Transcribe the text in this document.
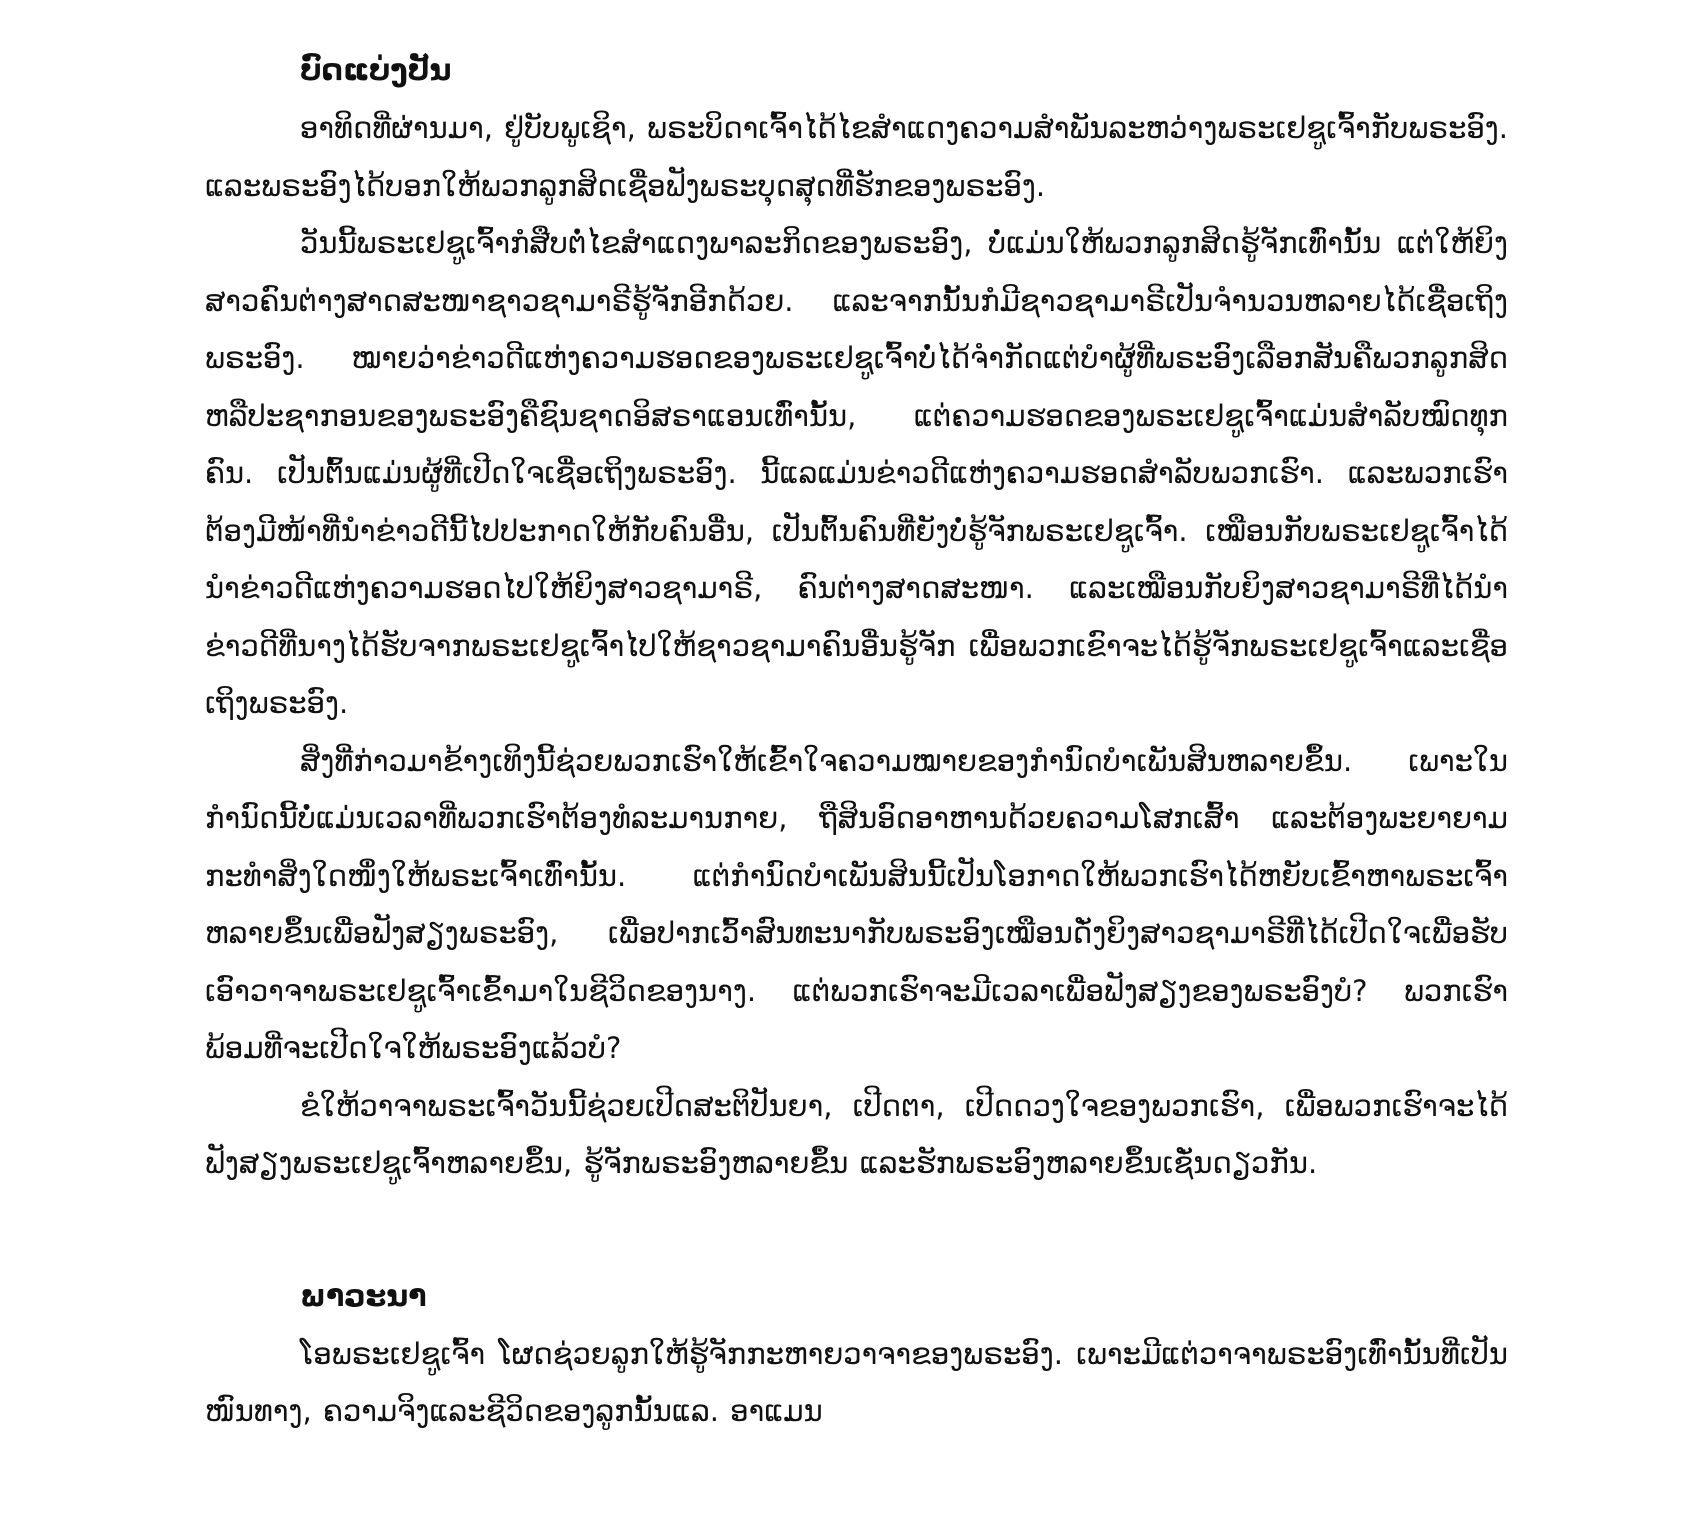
ບົດແບ່ງປັນ

ອາທິດທີ່ຜ່ານມາ, ຢູ່ບັບພູເຊິາ, ພຣະບິດາເຈົ້າໄດ້ໄຂສຳແດງຄວາມສຳພັນລະຫວ່າງພຣະເຢຊູເຈົ້າກັບພຣະອົງ. ແລະພຣະອົງໄດ້ບອກໃຫ້ພວກລູກສິດເຊື່ອຟັງພຣະບຸດສຸດທີ່ຮັກຂອງພຣະອົງ.

ວັນນີ້ພຣະເຢຊູເຈົ້າກໍສືບຕໍ່ໄຂສຳແດງພາລະກິດຂອງພຣະອົງ, ບໍ່ແມ່ນໃຫ້ພວກລູກສິດຮູ້ຈັກເທົ່ານັ້ນ ແຕ່ໃຫ້ຍິງສາວຄົນຕ່າງສາດສະໜາຊາວຊາມາຣີຮູ້ຈັກອີກດ້ວຍ. ແລະຈາກນັ້ນກໍມີຊາວຊາມາຣີເປັນຈຳນວນຫລາຍໄດ້ເຊື່ອເຖິງພຣະອົງ. ໝາຍວ່າຂ່າວດີແຫ່ງຄວາມຮອດຂອງພຣະເຢຊູເຈົ້າບໍ່ໄດ້ຈຳກັດແຕ່ບໍາຜູ້ທີ່ພຣະອົງເລືອກສັນຄືພວກລູກສິດ ຫລືປະຊາກອນຂອງພຣະອົງຄືຊົນຊາດອິສຣາແອນເທົ່ານັ້ນ, ແຕ່ຄວາມຮອດຂອງພຣະເຢຊູເຈົ້າແມ່ນສຳລັບໝົດທຸກຄົນ. ເປັນຕົ້ນແມ່ນຜູ້ທີ່ເປີດໃຈເຊື່ອເຖິງພຣະອົງ. ນີ້ແລແມ່ນຂ່າວດີແຫ່ງຄວາມຮອດສຳລັບພວກເຮົາ. ແລະພວກເຮົາຕ້ອງມີໜ້າທີ່ນຳຂ່າວດີນີ້ໄປປະກາດໃຫ້ກັບຄົນອື່ນ, ເປັນຕົ້ນຄົນທີ່ຍັງບໍ່ຮູ້ຈັກພຣະເຢຊູເຈົ້າ. ເໝືອນກັບພຣະເຢຊູເຈົ້າໄດ້ນຳຂ່າວດີແຫ່ງຄວາມຮອດໄປໃຫ້ຍິງສາວຊາມາຣີ, ຄົນຕ່າງສາດສະໜາ. ແລະເໝືອນກັບຍິງສາວຊາມາຣີທີ່ໄດ້ນຳຂ່າວດີທີ່ນາງໄດ້ຮັບຈາກພຣະເຢຊູເຈົ້າໄປໃຫ້ຊາວຊາມາຄົນອື່ນຮູ້ຈັກ ເພື່ອພວກເຂົາຈະໄດ້ຮູ້ຈັກພຣະເຢຊູເຈົ້າແລະເຊື່ອເຖິງພຣະອົງ.

ສິ່ງທີ່ກ່າວມາຂ້າງເທິງນີ້ຊ່ວຍພວກເຮົາໃຫ້ເຂົ້າໃຈຄວາມໝາຍຂອງກຳນົດບຳເພັນສິນຫລາຍຂຶ້ນ. ເພາະໃນກຳນົດນີ້ບໍ່ແມ່ນເວລາທີ່ພວກເຮົາຕ້ອງທໍລະມານກາຍ, ຖືສິນອົດອາຫານດ້ວຍຄວາມໂສກເສົ້າ ແລະຕ້ອງພະຍາຍາມກະທຳສິ່ງໃດໜຶ່ງໃຫ້ພຣະເຈົ້າເທົ່ານັ້ນ. ແຕ່ກຳນົດບຳເພັນສິນນີ້ເປັນໂອກາດໃຫ້ພວກເຮົາໄດ້ຫຍັບເຂົ້າຫາພຣະເຈົ້າຫລາຍຂຶ້ນເພື່ອຟັງສຽງພຣະອົງ, ເພື່ອປາກເວົ້າສົນທະນາກັບພຣະອົງເໝືອນດັ່ງຍິງສາວຊາມາຣີທີ່ໄດ້ເປີດໃຈເພື່ອຮັບເອົາວາຈາພຣະເຢຊູເຈົ້າເຂົ້າມາໃນຊີວິດຂອງນາງ. ແຕ່ພວກເຮົາຈະມີເວລາເພື່ອຟັງສຽງຂອງພຣະອົງບໍ? ພວກເຮົາພ້ອມທີ່ຈະເປີດໃຈໃຫ້ພຣະອົງແລ້ວບໍ?

ຂໍໃຫ້ວາຈາພຣະເຈົ້າວັນນີ້ຊ່ວຍເປີດສະຕິປັນຍາ, ເປີດຕາ, ເປີດດວງໃຈຂອງພວກເຮົາ, ເພື່ອພວກເຮົາຈະໄດ້ຟັງສຽງພຣະເຢຊູເຈົ້າຫລາຍຂຶ້ນ, ຮູ້ຈັກພຣະອົງຫລາຍຂຶ້ນ ແລະຮັກພຣະອົງຫລາຍຂຶ້ນເຊັ່ນດຽວກັນ.

ພາວະນາ

ໂອພຣະເຢຊູເຈົ້າ ໂຜດຊ່ວຍລູກໃຫ້ຮູ້ຈັກກະຫາຍວາຈາຂອງພຣະອົງ. ເພາະມີແຕ່ວາຈາພຣະອົງເທົ່ານັ້ນທີ່ເປັນໜົນທາງ, ຄວາມຈິງແລະຊີວິດຂອງລູກນັ້ນແລ. ອາແມນ
